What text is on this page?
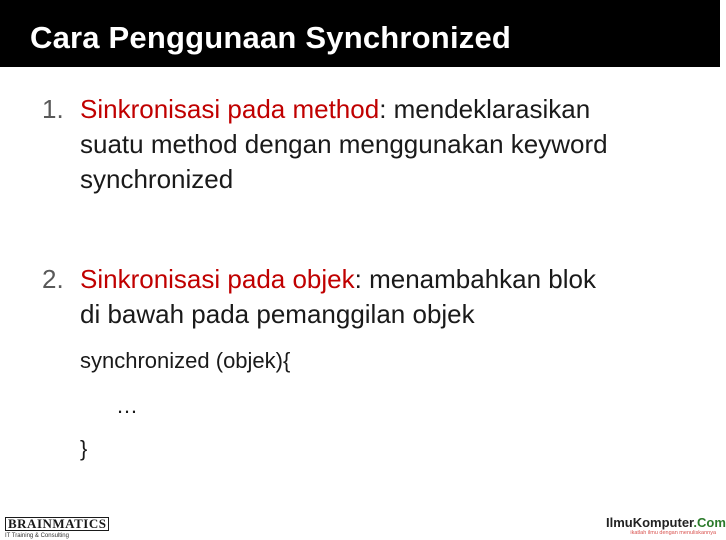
Cara Penggunaan Synchronized
1. Sinkronisasi pada method: mendeklarasikan
suatu method dengan menggunakan keyword
synchronized
2. Sinkronisasi pada objek: menambahkan blok
di bawah pada pemanggilan objek
synchronized (objek){
…
}
BRAINMATICS
IT Training & Consulting
IlmuKomputer.Com
ikatlah ilmu dengan menuliskannya
